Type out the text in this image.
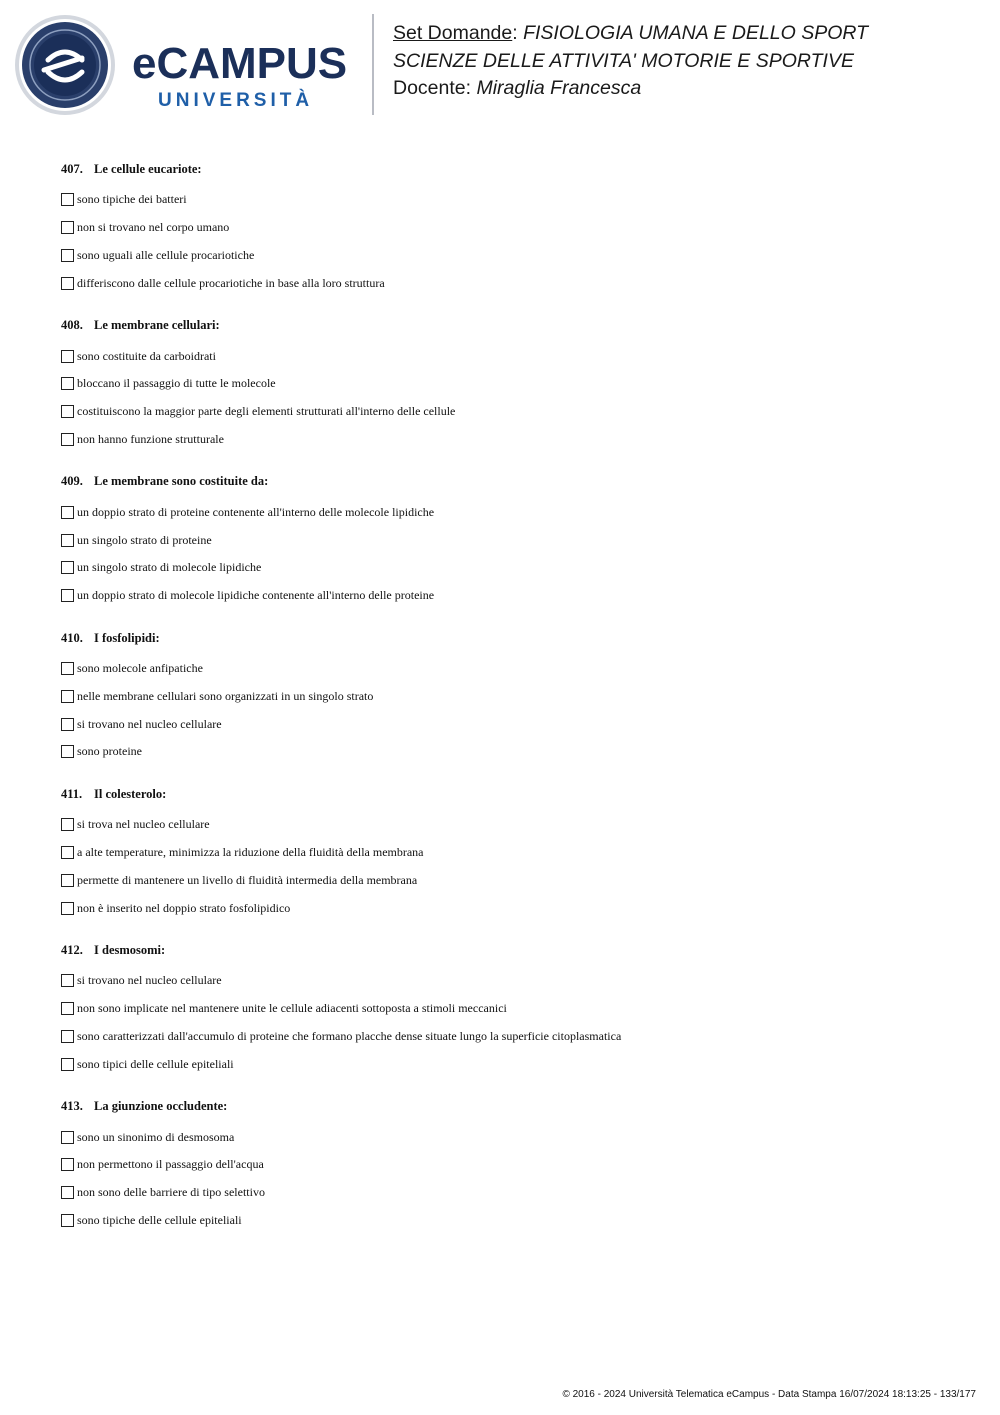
eCAMPUS
UNIVERSITÀ
Set Domande: FISIOLOGIA UMANA E DELLO SPORT
SCIENZE DELLE ATTIVITA' MOTORIE E SPORTIVE
Docente: Miraglia Francesca
407. Le cellule eucariote:
sono tipiche dei batteri
non si trovano nel corpo umano
sono uguali alle cellule procariotiche
differiscono dalle cellule procariotiche in base alla loro struttura
408. Le membrane cellulari:
sono costituite da carboidrati
bloccano il passaggio di tutte le molecole
costituiscono la maggior parte degli elementi strutturati all'interno delle cellule
non hanno funzione strutturale
409. Le membrane sono costituite da:
un doppio strato di proteine contenente all'interno delle molecole lipidiche
un singolo strato di proteine
un singolo strato di molecole lipidiche
un doppio strato di molecole lipidiche contenente all'interno delle proteine
410. I fosfolipidi:
sono molecole anfipatiche
nelle membrane cellulari sono organizzati in un singolo strato
si trovano nel nucleo cellulare
sono proteine
411. Il colesterolo:
si trova nel nucleo cellulare
a alte temperature, minimizza la riduzione della fluidità della membrana
permette di mantenere un livello di fluidità intermedia della membrana
non è inserito nel doppio strato fosfolipidico
412. I desmosomi:
si trovano nel nucleo cellulare
non sono implicate nel mantenere unite le cellule adiacenti sottoposta a stimoli meccanici
sono caratterizzati dall'accumulo di proteine che formano placche dense situate lungo la superficie citoplasmatica
sono tipici delle cellule epiteliali
413. La giunzione occludente:
sono un sinonimo di desmosoma
non permettono il passaggio dell'acqua
non sono delle barriere di tipo selettivo
sono tipiche delle cellule epiteliali
© 2016 - 2024 Università Telematica eCampus - Data Stampa 16/07/2024 18:13:25 - 133/177
